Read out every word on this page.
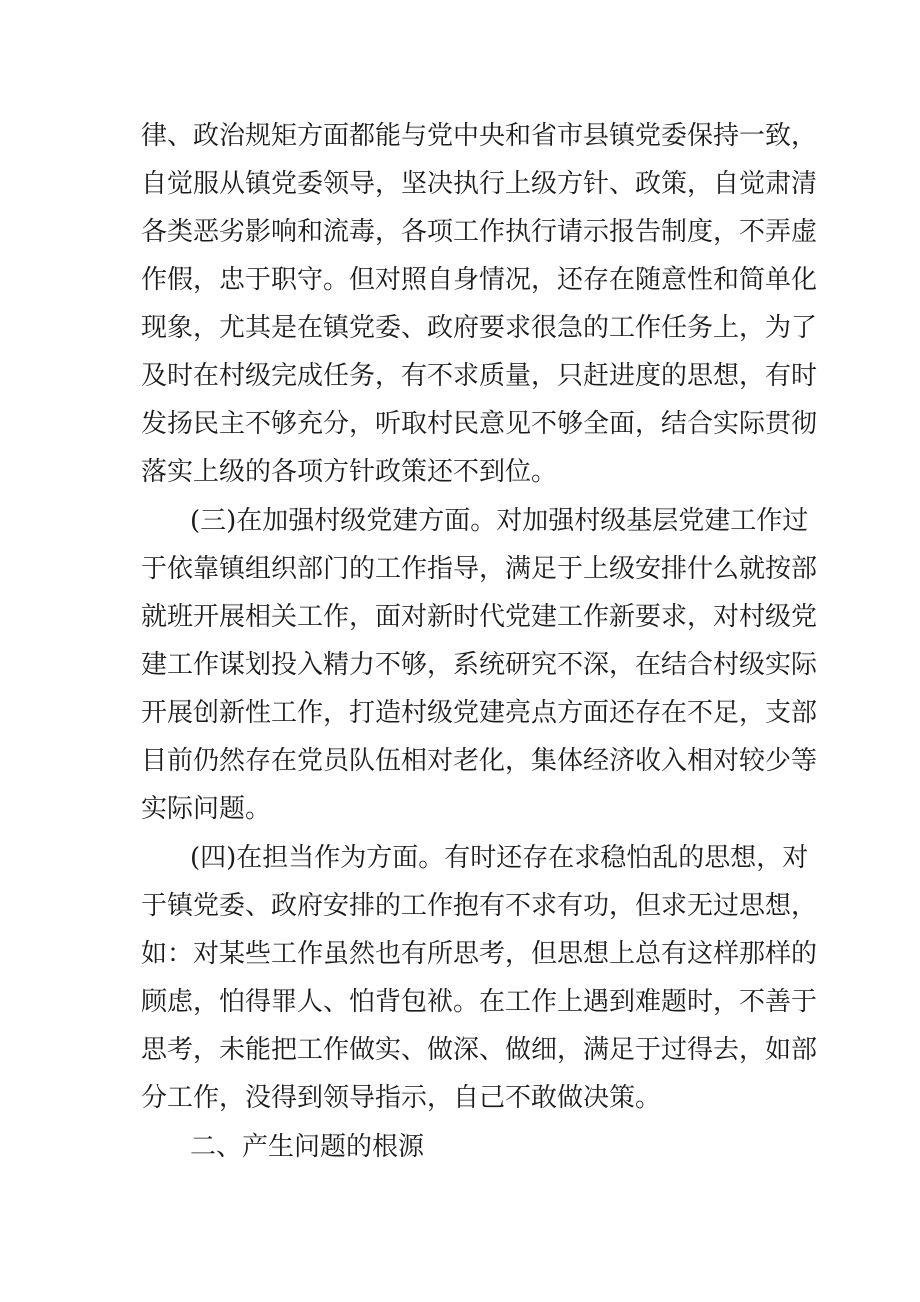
律、政治规矩方面都能与党中央和省市县镇党委保持一致，
自觉服从镇党委领导，坚决执行上级方针、政策，自觉肃清
各类恶劣影响和流毒，各项工作执行请示报告制度，不弄虚
作假，忠于职守。但对照自身情况，还存在随意性和简单化
现象，尤其是在镇党委、政府要求很急的工作任务上，为了
及时在村级完成任务，有不求质量，只赶进度的思想，有时
发扬民主不够充分，听取村民意见不够全面，结合实际贯彻
落实上级的各项方针政策还不到位。
(三)在加强村级党建方面。对加强村级基层党建工作过
于依靠镇组织部门的工作指导，满足于上级安排什么就按部
就班开展相关工作，面对新时代党建工作新要求，对村级党
建工作谋划投入精力不够，系统研究不深，在结合村级实际
开展创新性工作，打造村级党建亮点方面还存在不足，支部
目前仍然存在党员队伍相对老化，集体经济收入相对较少等
实际问题。
(四)在担当作为方面。有时还存在求稳怕乱的思想，对
于镇党委、政府安排的工作抱有不求有功，但求无过思想，
如：对某些工作虽然也有所思考，但思想上总有这样那样的
顾虑，怕得罪人、怕背包袱。在工作上遇到难题时，不善于
思考，未能把工作做实、做深、做细，满足于过得去，如部
分工作，没得到领导指示，自己不敢做决策。
二、产生问题的根源
